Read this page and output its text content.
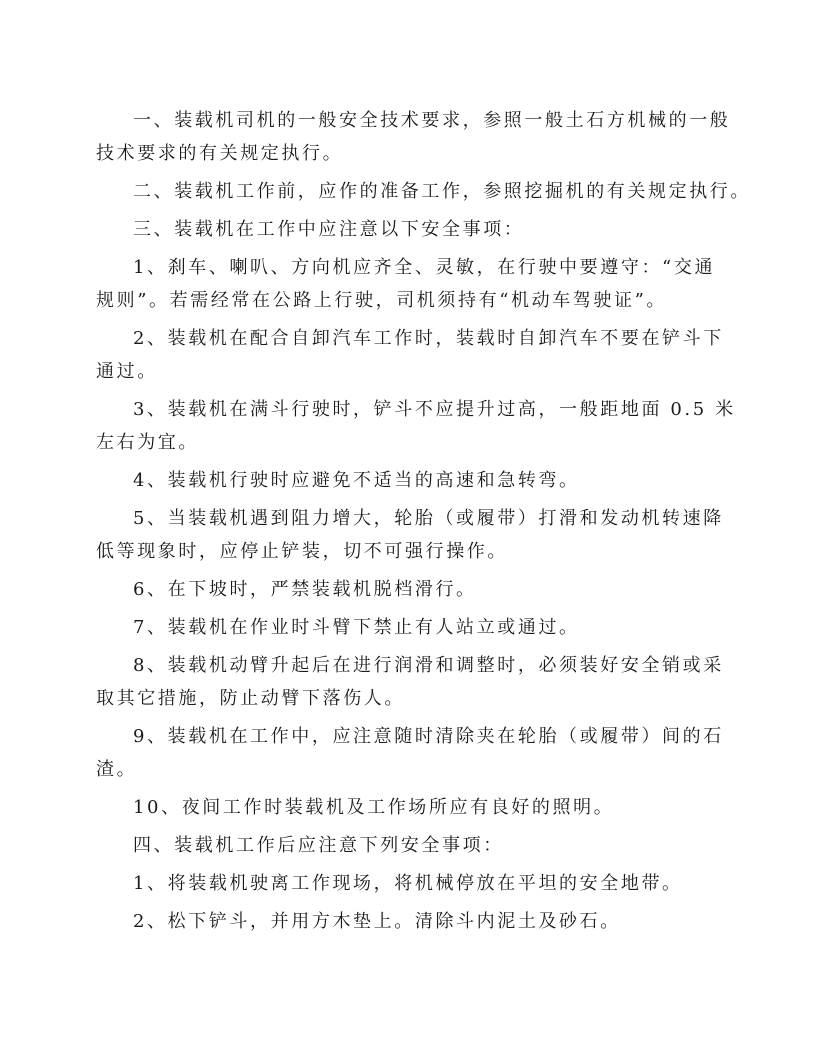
一、装载机司机的一般安全技术要求，参照一般土石方机械的一般
技术要求的有关规定执行。
二、装载机工作前，应作的准备工作，参照挖掘机的有关规定执行。
三、装载机在工作中应注意以下安全事项：
1、刹车、喇叭、方向机应齐全、灵敏，在行驶中要遵守：“交通
规则”。若需经常在公路上行驶，司机须持有“机动车驾驶证”。
2、装载机在配合自卸汽车工作时，装载时自卸汽车不要在铲斗下
通过。
3、装载机在满斗行驶时，铲斗不应提升过高，一般距地面 0.5 米
左右为宜。
4、装载机行驶时应避免不适当的高速和急转弯。
5、当装载机遇到阻力增大，轮胎（或履带）打滑和发动机转速降
低等现象时，应停止铲装，切不可强行操作。
6、在下坡时，严禁装载机脱档滑行。
7、装载机在作业时斗臂下禁止有人站立或通过。
8、装载机动臂升起后在进行润滑和调整时，必须装好安全销或采
取其它措施，防止动臂下落伤人。
9、装载机在工作中，应注意随时清除夹在轮胎（或履带）间的石
渣。
10、夜间工作时装载机及工作场所应有良好的照明。
四、装载机工作后应注意下列安全事项：
1、将装载机驶离工作现场，将机械停放在平坦的安全地带。
2、松下铲斗，并用方木垫上。清除斗内泥土及砂石。
